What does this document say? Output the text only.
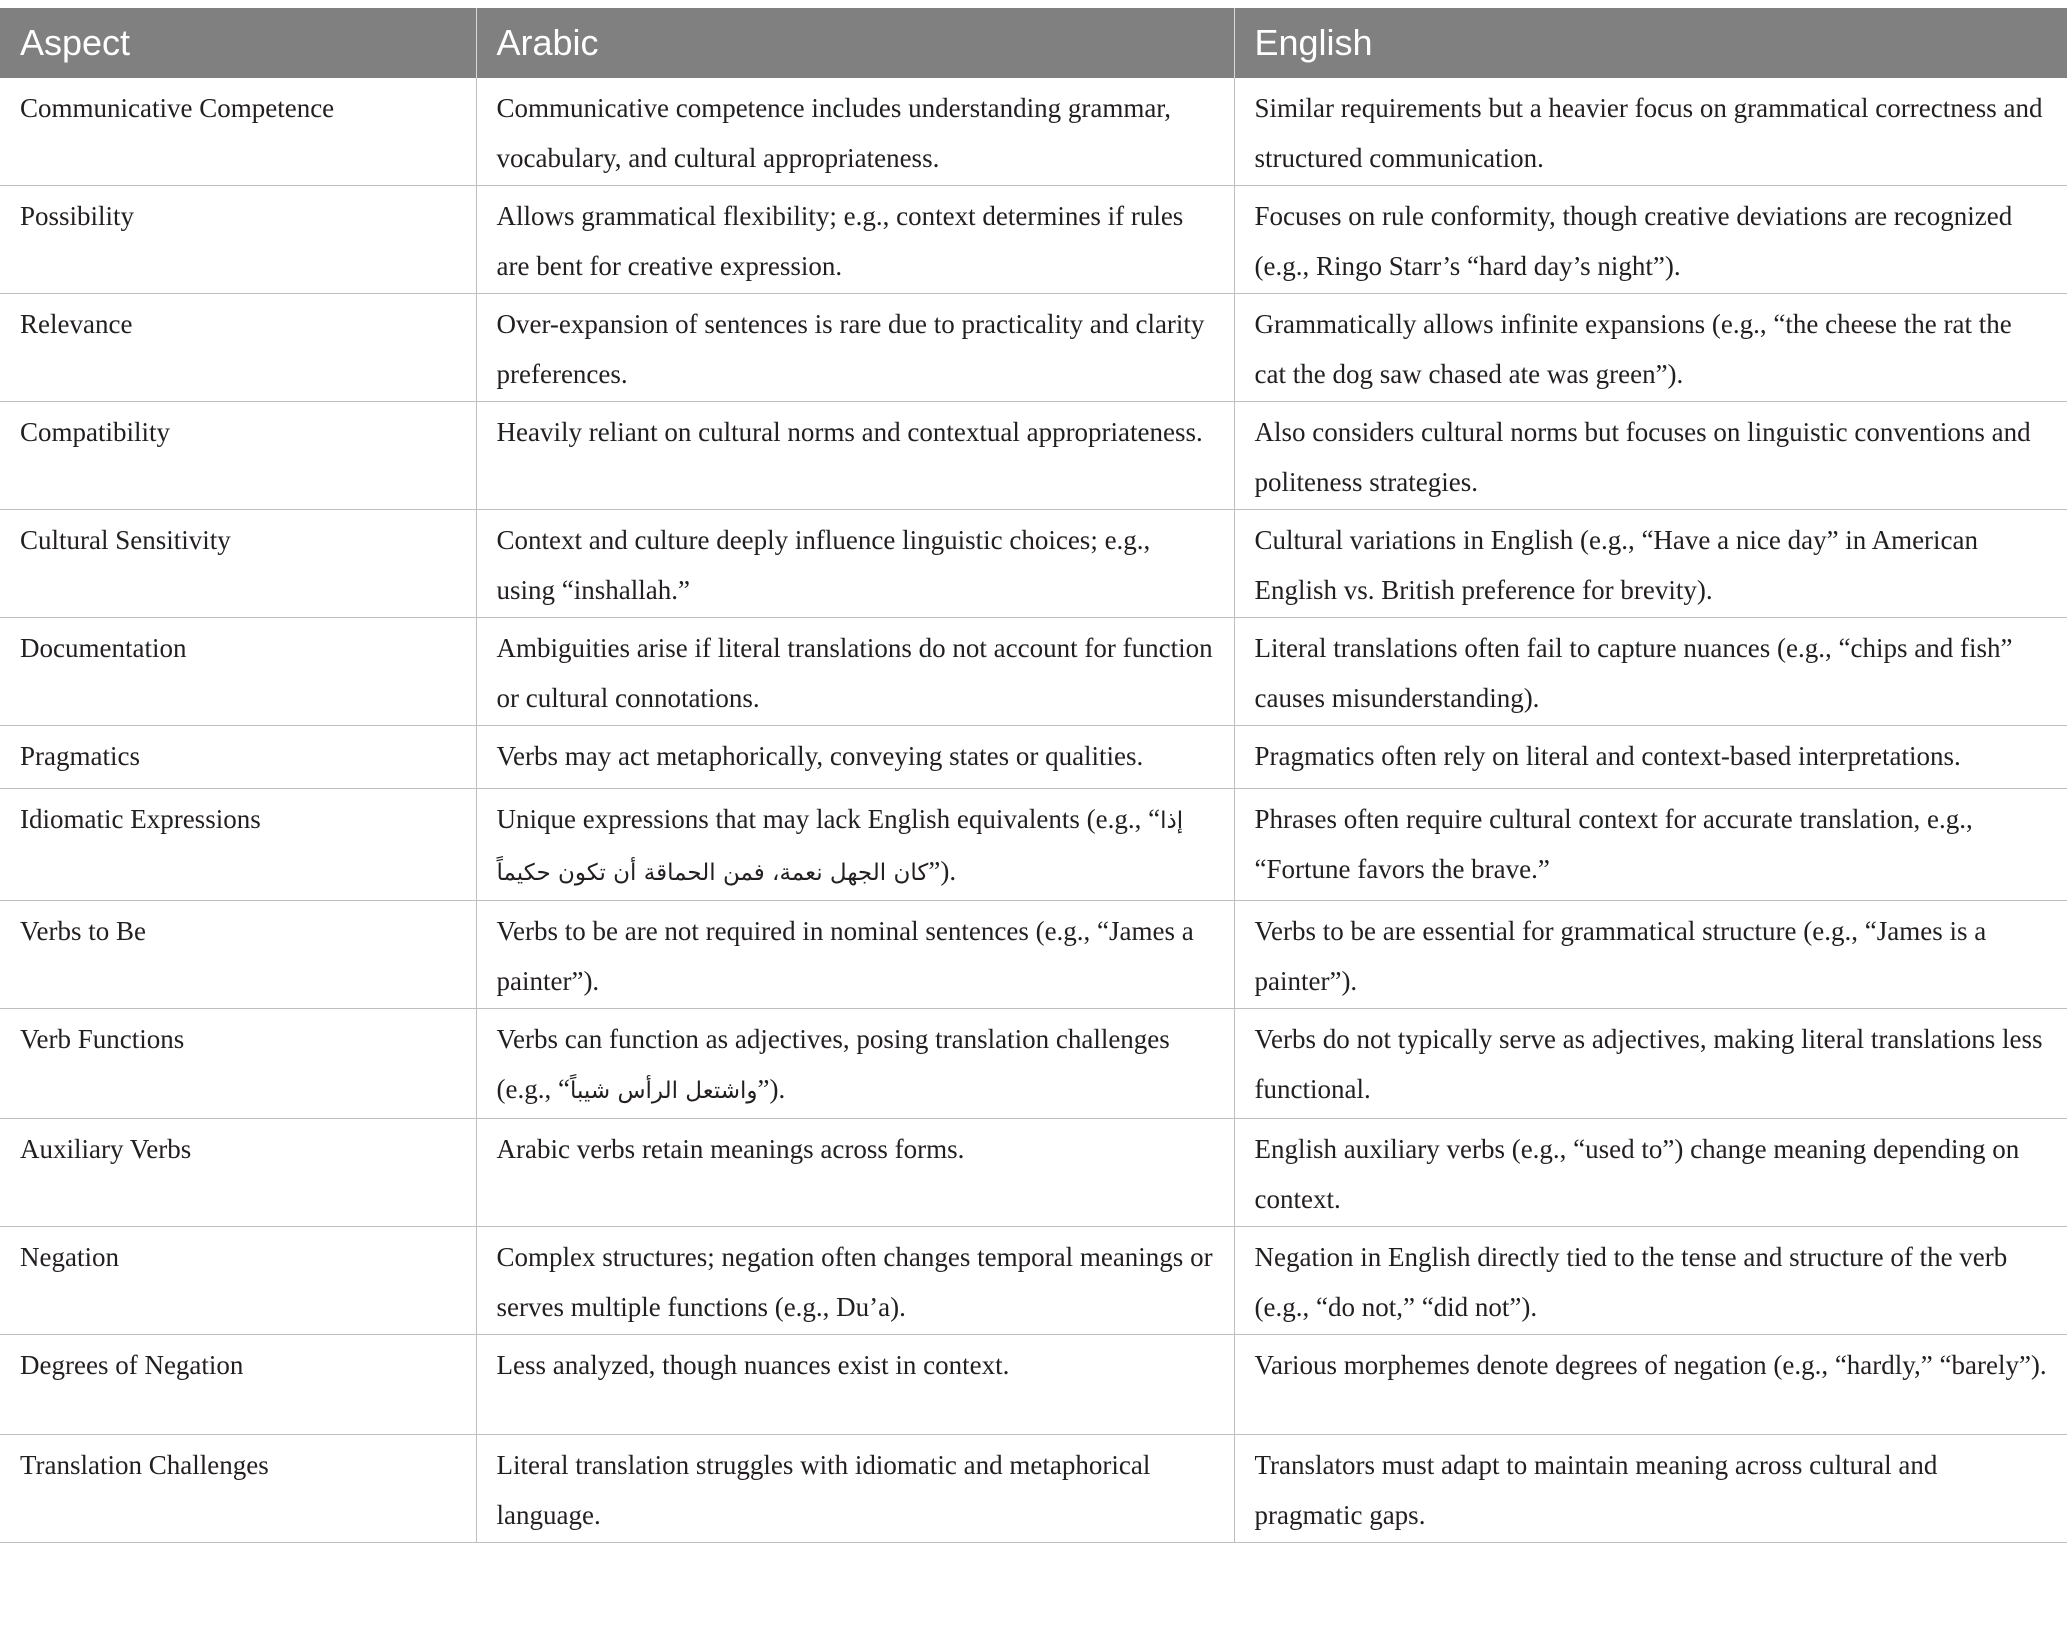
Aspect	Arabic	English
Communicative Competence	Communicative competence includes understanding grammar, vocabulary, and cultural appropriateness.	Similar requirements but a heavier focus on grammatical correctness and structured communication.
Possibility	Allows grammatical flexibility; e.g., context determines if rules are bent for creative expression.	Focuses on rule conformity, though creative deviations are recognized (e.g., Ringo Starr’s “hard day’s night”).
Relevance	Over-expansion of sentences is rare due to practicality and clarity preferences.	Grammatically allows infinite expansions (e.g., “the cheese the rat the cat the dog saw chased ate was green”).
Compatibility	Heavily reliant on cultural norms and contextual appropriateness.	Also considers cultural norms but focuses on linguistic conventions and politeness strategies.
Cultural Sensitivity	Context and culture deeply influence linguistic choices; e.g., using “inshallah.”	Cultural variations in English (e.g., “Have a nice day” in American English vs. British preference for brevity).
Documentation	Ambiguities arise if literal translations do not account for function or cultural connotations.	Literal translations often fail to capture nuances (e.g., “chips and fish” causes misunderstanding).
Pragmatics	Verbs may act metaphorically, conveying states or qualities.	Pragmatics often rely on literal and context-based interpretations.
Idiomatic Expressions	Unique expressions that may lack English equivalents (e.g., “إذا كان الجهل نعمة، فمن الحماقة أن تكون حكيماً”).	Phrases often require cultural context for accurate translation, e.g., “Fortune favors the brave.”
Verbs to Be	Verbs to be are not required in nominal sentences (e.g., “James a painter”).	Verbs to be are essential for grammatical structure (e.g., “James is a painter”).
Verb Functions	Verbs can function as adjectives, posing translation challenges (e.g., “واشتعل الرأس شيباً”).	Verbs do not typically serve as adjectives, making literal translations less functional.
Auxiliary Verbs	Arabic verbs retain meanings across forms.	English auxiliary verbs (e.g., “used to”) change meaning depending on context.
Negation	Complex structures; negation often changes temporal meanings or serves multiple functions (e.g., Du’a).	Negation in English directly tied to the tense and structure of the verb (e.g., “do not,” “did not”).
Degrees of Negation	Less analyzed, though nuances exist in context.	Various morphemes denote degrees of negation (e.g., “hardly,” “barely”).
Translation Challenges	Literal translation struggles with idiomatic and metaphorical language.	Translators must adapt to maintain meaning across cultural and pragmatic gaps.
